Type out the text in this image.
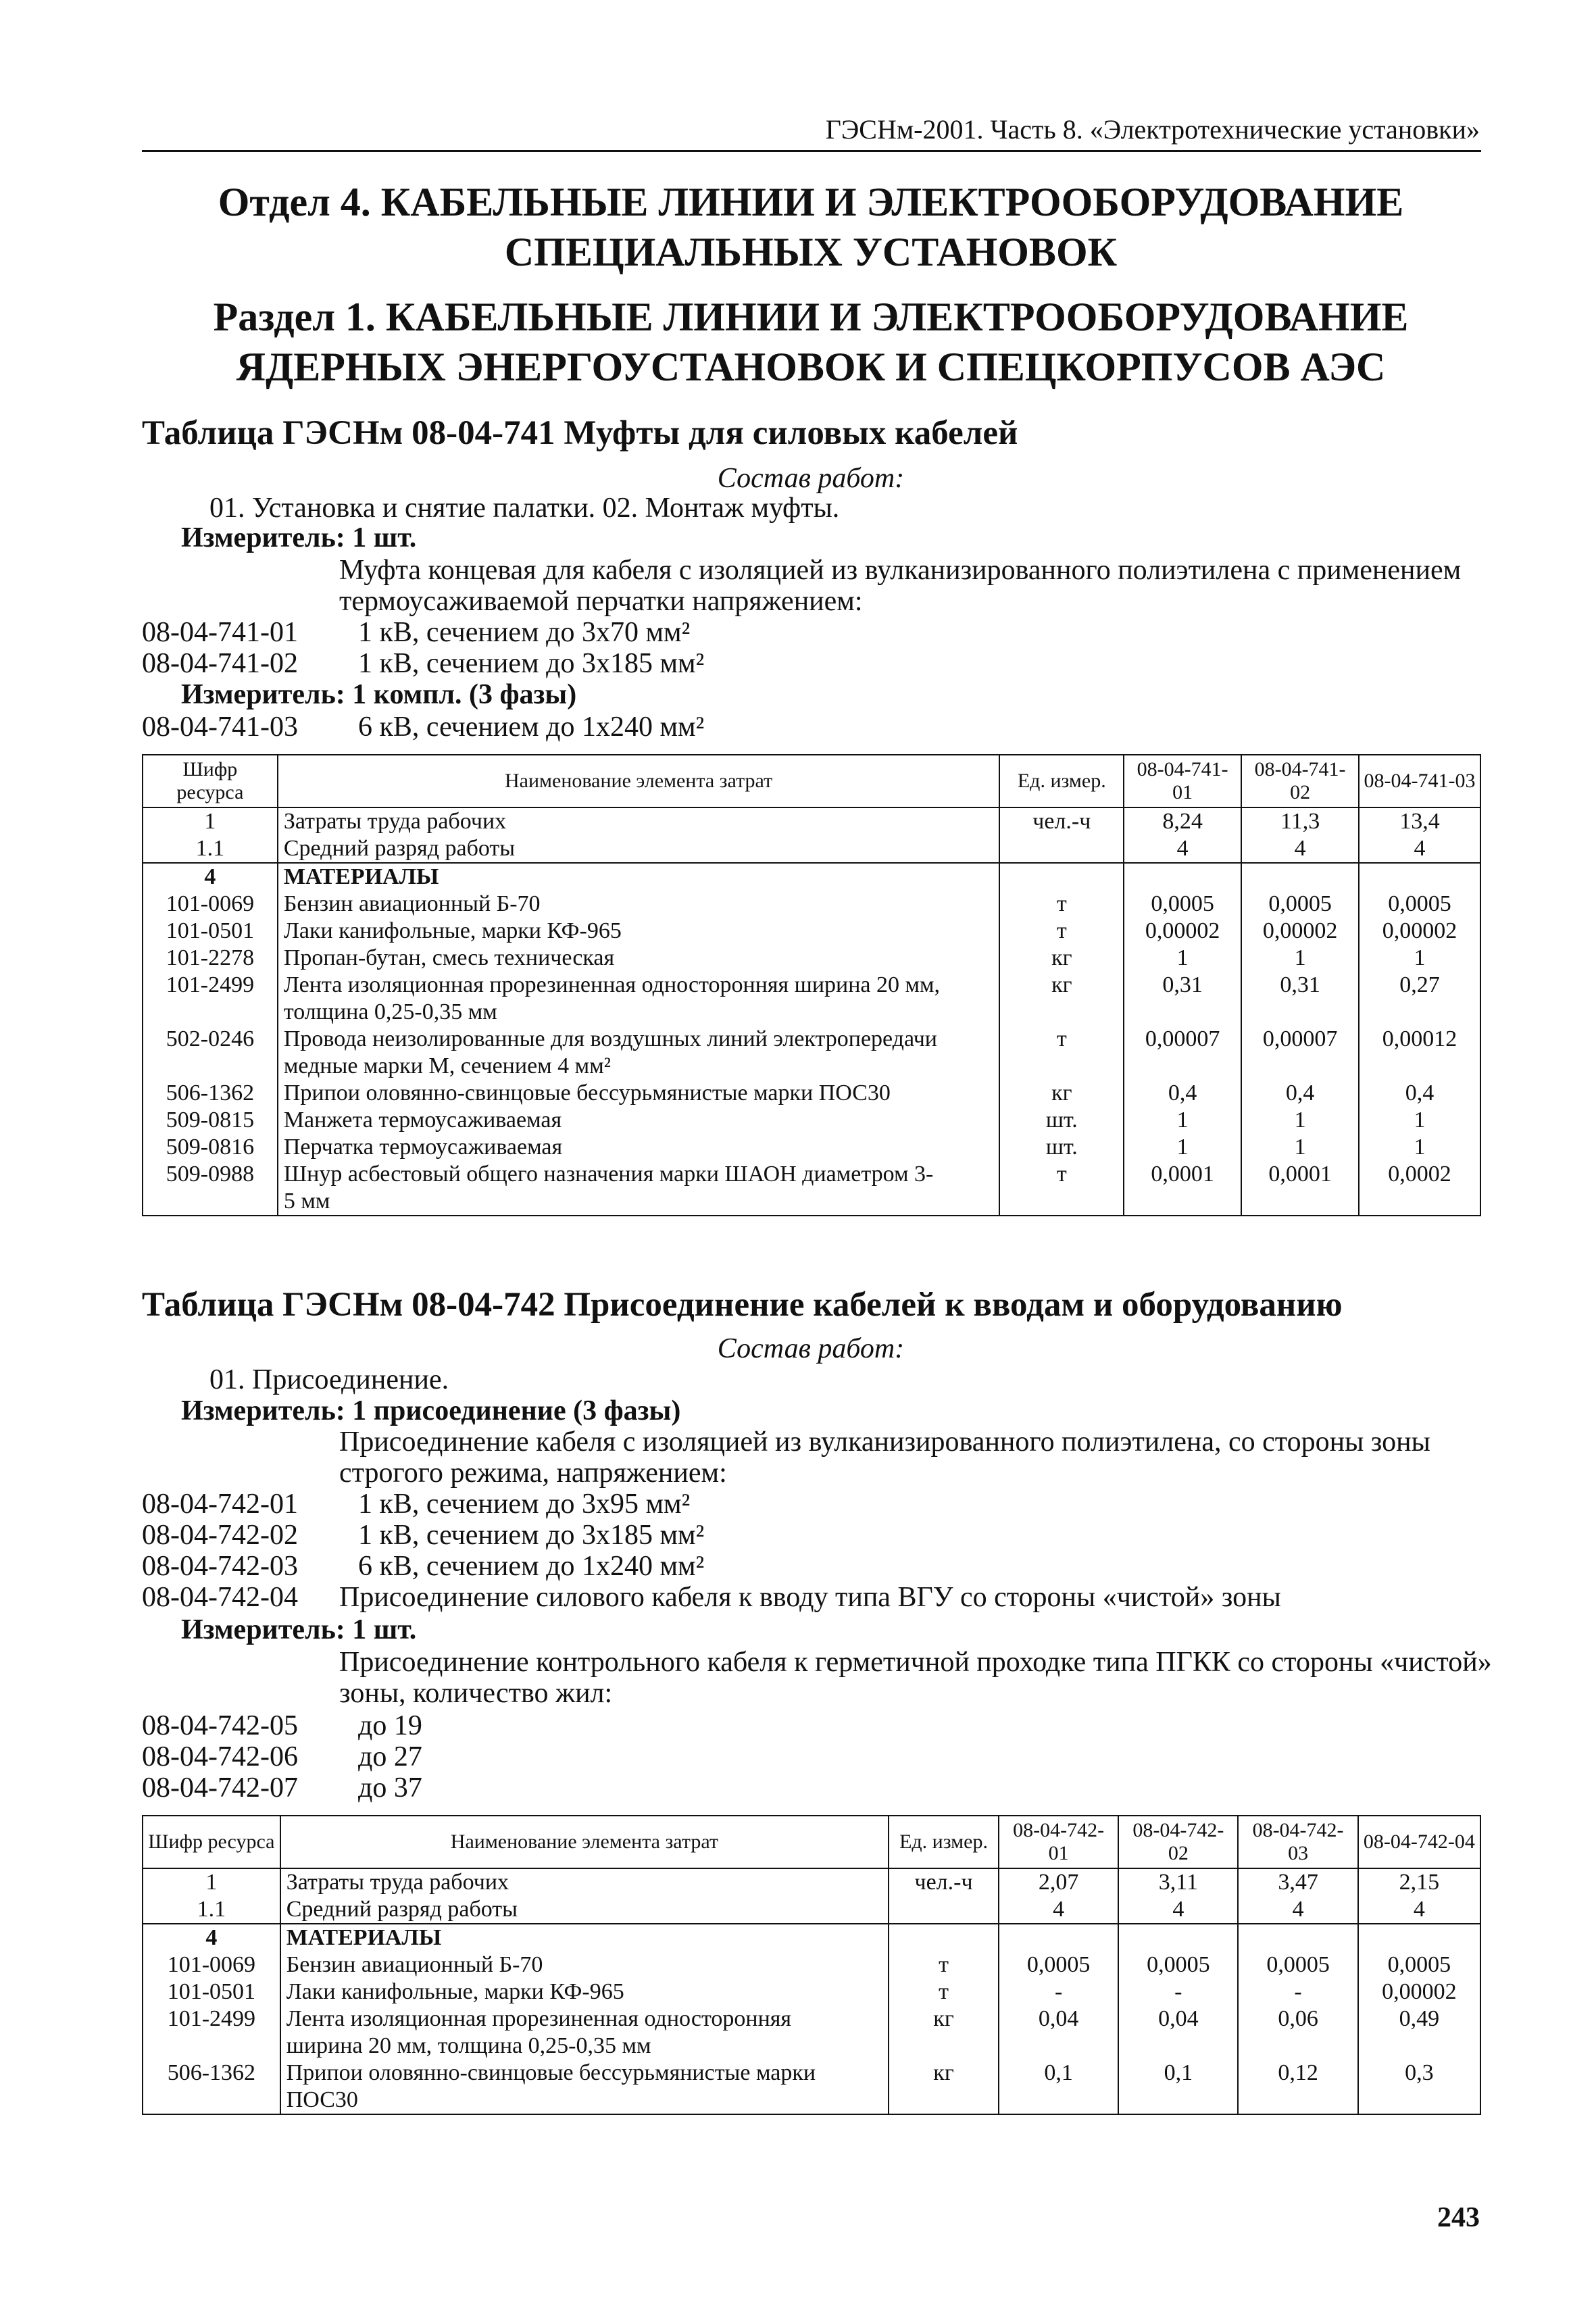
ГЭСНм-2001. Часть 8. «Электротехнические установки»
Отдел 4. КАБЕЛЬНЫЕ ЛИНИИ И ЭЛЕКТРООБОРУДОВАНИЕ
СПЕЦИАЛЬНЫХ УСТАНОВОК
Раздел 1. КАБЕЛЬНЫЕ ЛИНИИ И ЭЛЕКТРООБОРУДОВАНИЕ
ЯДЕРНЫХ ЭНЕРГОУСТАНОВОК И СПЕЦКОРПУСОВ АЭС
Таблица ГЭСНм 08-04-741 Муфты для силовых кабелей
Состав работ:
01. Установка и снятие палатки. 02. Монтаж муфты.
Измеритель: 1 шт.
Муфта концевая для кабеля с изоляцией из вулканизированного полиэтилена с применением
термоусаживаемой перчатки напряжением:
08-04-741-01 1 кВ, сечением до 3х70 мм²
08-04-741-02 1 кВ, сечением до 3х185 мм²
Измеритель: 1 компл. (3 фазы)
08-04-741-03 6 кВ, сечением до 1х240 мм²
Шифр ресурса	Наименование элемента затрат	Ед. измер.	08-04-741-01	08-04-741-02	08-04-741-03
1	Затраты труда рабочих	чел.-ч	8,24	11,3	13,4
1.1	Средний разряд работы		4	4	4
4	МАТЕРИАЛЫ				
101-0069	Бензин авиационный Б-70	т	0,0005	0,0005	0,0005
101-0501	Лаки канифольные, марки КФ-965	т	0,00002	0,00002	0,00002
101-2278	Пропан-бутан, смесь техническая	кг	1	1	1
101-2499	Лента изоляционная прорезиненная односторонняя ширина 20 мм,
толщина 0,25-0,35 мм	кг	0,31	0,31	0,27
502-0246	Провода неизолированные для воздушных линий электропередачи
медные марки М, сечением 4 мм²	т	0,00007	0,00007	0,00012
506-1362	Припои оловянно-свинцовые бессурьмянистые марки ПОС30	кг	0,4	0,4	0,4
509-0815	Манжета термоусаживаемая	шт.	1	1	1
509-0816	Перчатка термоусаживаемая	шт.	1	1	1
509-0988	Шнур асбестовый общего назначения марки ШАОН диаметром 3-
5 мм	т	0,0001	0,0001	0,0002
Таблица ГЭСНм 08-04-742 Присоединение кабелей к вводам и оборудованию
Состав работ:
01. Присоединение.
Измеритель: 1 присоединение (3 фазы)
Присоединение кабеля с изоляцией из вулканизированного полиэтилена, со стороны зоны
строгого режима, напряжением:
08-04-742-01 1 кВ, сечением до 3х95 мм²
08-04-742-02 1 кВ, сечением до 3х185 мм²
08-04-742-03 6 кВ, сечением до 1х240 мм²
08-04-742-04 Присоединение силового кабеля к вводу типа ВГУ со стороны «чистой» зоны
Измеритель: 1 шт.
Присоединение контрольного кабеля к герметичной проходке типа ПГКК со стороны «чистой»
зоны, количество жил:
08-04-742-05 до 19
08-04-742-06 до 27
08-04-742-07 до 37
Шифр ресурса	Наименование элемента затрат	Ед. измер.	08-04-742-01	08-04-742-02	08-04-742-03	08-04-742-04
1	Затраты труда рабочих	чел.-ч	2,07	3,11	3,47	2,15
1.1	Средний разряд работы		4	4	4	4
4	МАТЕРИАЛЫ					
101-0069	Бензин авиационный Б-70	т	0,0005	0,0005	0,0005	0,0005
101-0501	Лаки канифольные, марки КФ-965	т	-	-	-	0,00002
101-2499	Лента изоляционная прорезиненная односторонняя
ширина 20 мм, толщина 0,25-0,35 мм	кг	0,04	0,04	0,06	0,49
506-1362	Припои оловянно-свинцовые бессурьмянистые марки
ПОС30	кг	0,1	0,1	0,12	0,3
243
